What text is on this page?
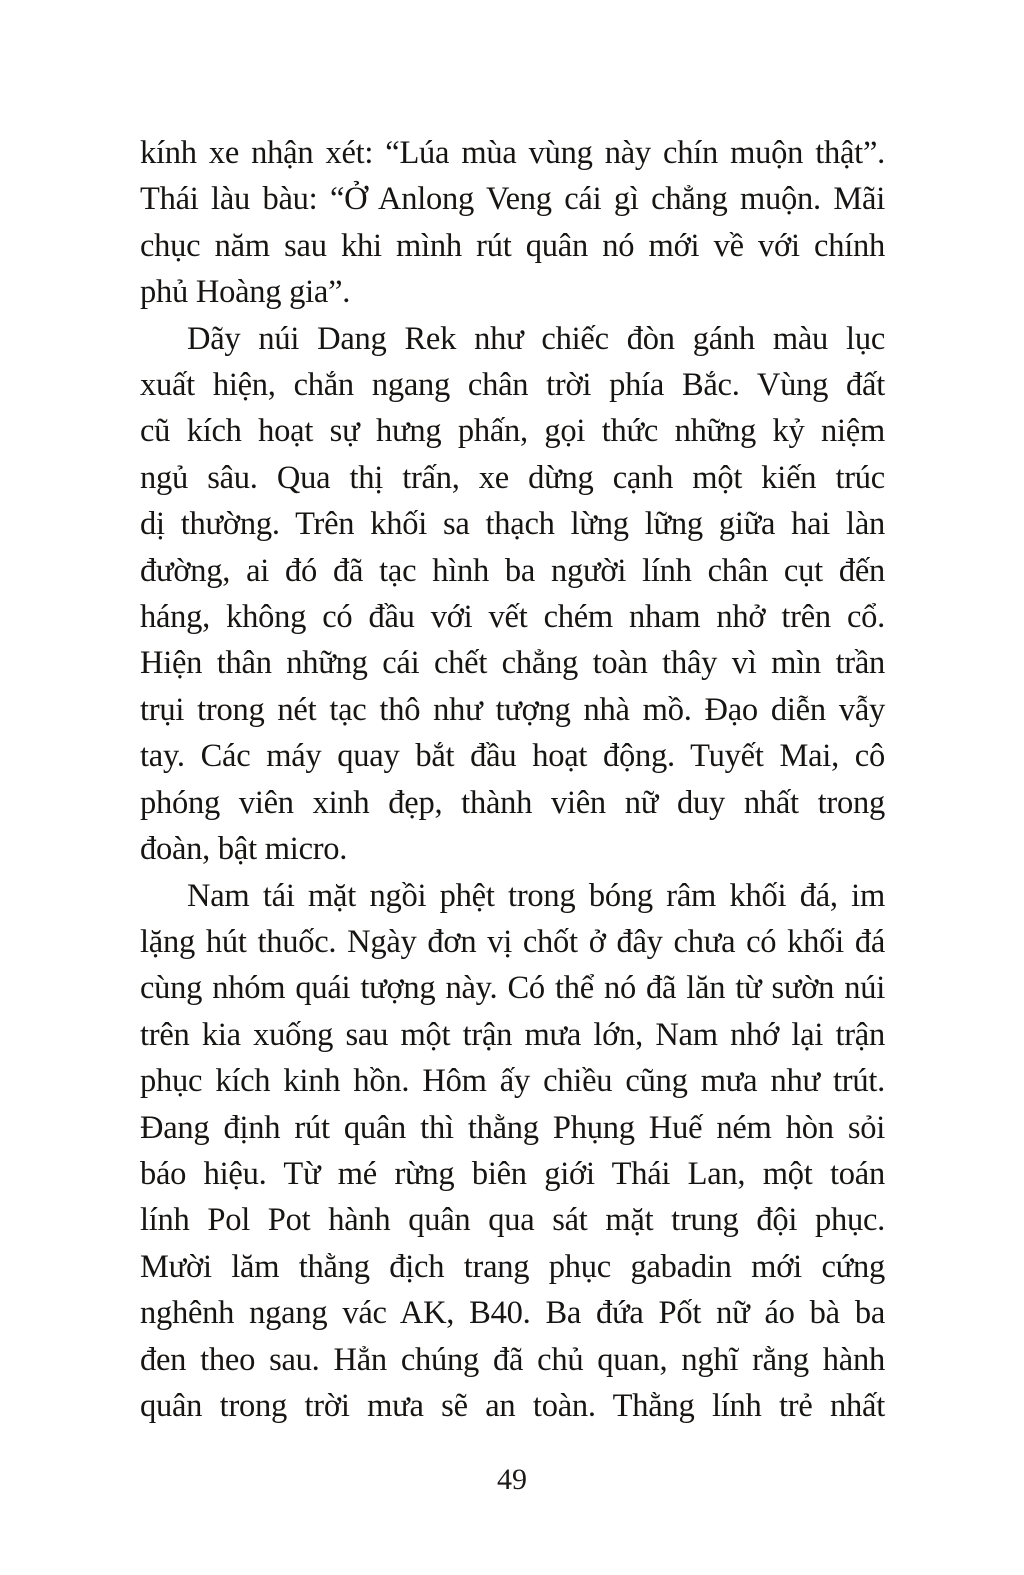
kính xe nhận xét: “Lúa mùa vùng này chín muộn thật”.
Thái làu bàu: “Ở Anlong Veng cái gì chẳng muộn. Mãi
chục năm sau khi mình rút quân nó mới về với chính
phủ Hoàng gia”.
Dãy núi Dang Rek như chiếc đòn gánh màu lục
xuất hiện, chắn ngang chân trời phía Bắc. Vùng đất
cũ kích hoạt sự hưng phấn, gọi thức những kỷ niệm
ngủ sâu. Qua thị trấn, xe dừng cạnh một kiến trúc
dị thường. Trên khối sa thạch lừng lững giữa hai làn
đường, ai đó đã tạc hình ba người lính chân cụt đến
háng, không có đầu với vết chém nham nhở trên cổ.
Hiện thân những cái chết chẳng toàn thây vì mìn trần
trụi trong nét tạc thô như tượng nhà mồ. Đạo diễn vẫy
tay. Các máy quay bắt đầu hoạt động. Tuyết Mai, cô
phóng viên xinh đẹp, thành viên nữ duy nhất trong
đoàn, bật micro.
Nam tái mặt ngồi phệt trong bóng râm khối đá, im
lặng hút thuốc. Ngày đơn vị chốt ở đây chưa có khối đá
cùng nhóm quái tượng này. Có thể nó đã lăn từ sườn núi
trên kia xuống sau một trận mưa lớn, Nam nhớ lại trận
phục kích kinh hồn. Hôm ấy chiều cũng mưa như trút.
Đang định rút quân thì thằng Phụng Huế ném hòn sỏi
báo hiệu. Từ mé rừng biên giới Thái Lan, một toán
lính Pol Pot hành quân qua sát mặt trung đội phục.
Mười lăm thằng địch trang phục gabadin mới cứng
nghênh ngang vác AK, B40. Ba đứa Pốt nữ áo bà ba
đen theo sau. Hẳn chúng đã chủ quan, nghĩ rằng hành
quân trong trời mưa sẽ an toàn. Thằng lính trẻ nhất
49
